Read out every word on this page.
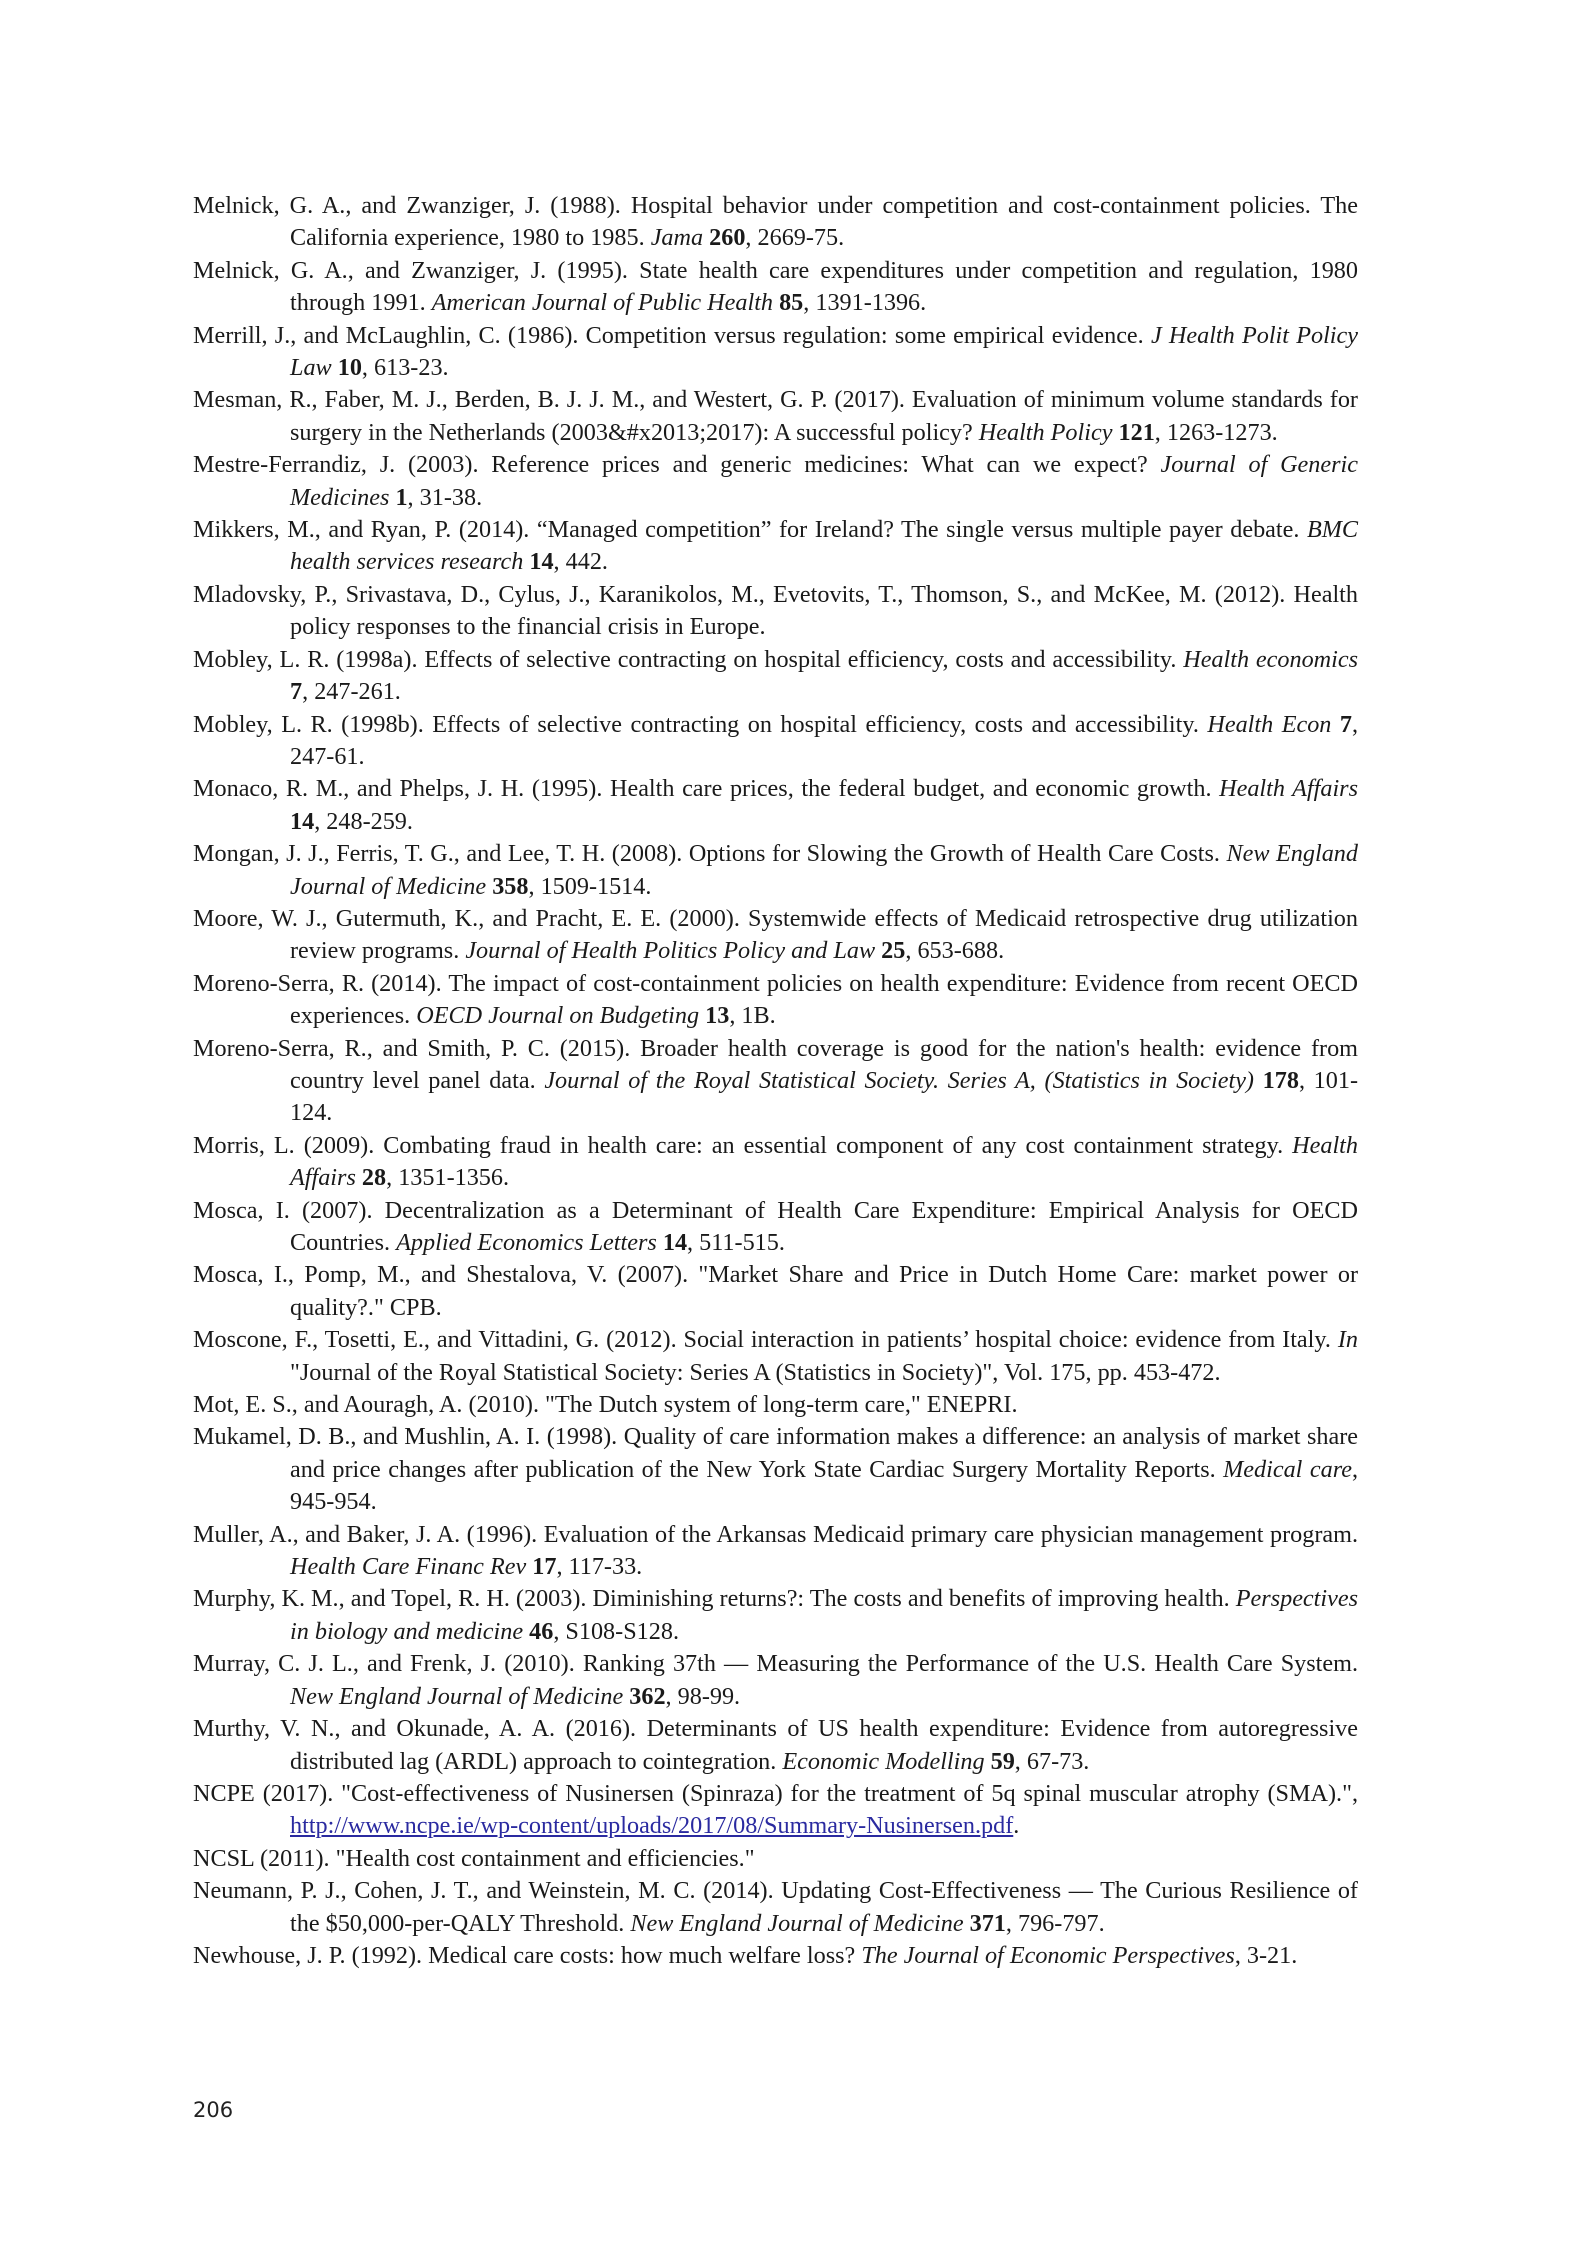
Melnick, G. A., and Zwanziger, J. (1988). Hospital behavior under competition and cost-containment policies. The California experience, 1980 to 1985. Jama 260, 2669-75.

Melnick, G. A., and Zwanziger, J. (1995). State health care expenditures under competition and regulation, 1980 through 1991. American Journal of Public Health 85, 1391-1396.

Merrill, J., and McLaughlin, C. (1986). Competition versus regulation: some empirical evidence. J Health Polit Policy Law 10, 613-23.

Mesman, R., Faber, M. J., Berden, B. J. J. M., and Westert, G. P. (2017). Evaluation of minimum volume standards for surgery in the Netherlands (2003&#x2013;2017): A successful policy? Health Policy 121, 1263-1273.

Mestre-Ferrandiz, J. (2003). Reference prices and generic medicines: What can we expect? Journal of Generic Medicines 1, 31-38.

Mikkers, M., and Ryan, P. (2014). “Managed competition” for Ireland? The single versus multiple payer debate. BMC health services research 14, 442.

Mladovsky, P., Srivastava, D., Cylus, J., Karanikolos, M., Evetovits, T., Thomson, S., and McKee, M. (2012). Health policy responses to the financial crisis in Europe.

Mobley, L. R. (1998a). Effects of selective contracting on hospital efficiency, costs and accessibility. Health economics 7, 247-261.

Mobley, L. R. (1998b). Effects of selective contracting on hospital efficiency, costs and accessibility. Health Econ 7, 247-61.

Monaco, R. M., and Phelps, J. H. (1995). Health care prices, the federal budget, and economic growth. Health Affairs 14, 248-259.

Mongan, J. J., Ferris, T. G., and Lee, T. H. (2008). Options for Slowing the Growth of Health Care Costs. New England Journal of Medicine 358, 1509-1514.

Moore, W. J., Gutermuth, K., and Pracht, E. E. (2000). Systemwide effects of Medicaid retrospective drug utilization review programs. Journal of Health Politics Policy and Law 25, 653-688.

Moreno-Serra, R. (2014). The impact of cost-containment policies on health expenditure: Evidence from recent OECD experiences. OECD Journal on Budgeting 13, 1B.

Moreno-Serra, R., and Smith, P. C. (2015). Broader health coverage is good for the nation's health: evidence from country level panel data. Journal of the Royal Statistical Society. Series A, (Statistics in Society) 178, 101-124.

Morris, L. (2009). Combating fraud in health care: an essential component of any cost containment strategy. Health Affairs 28, 1351-1356.

Mosca, I. (2007). Decentralization as a Determinant of Health Care Expenditure: Empirical Analysis for OECD Countries. Applied Economics Letters 14, 511-515.

Mosca, I., Pomp, M., and Shestalova, V. (2007). "Market Share and Price in Dutch Home Care: market power or quality?." CPB.

Moscone, F., Tosetti, E., and Vittadini, G. (2012). Social interaction in patients’ hospital choice: evidence from Italy. In "Journal of the Royal Statistical Society: Series A (Statistics in Society)", Vol. 175, pp. 453-472.

Mot, E. S., and Aouragh, A. (2010). "The Dutch system of long-term care," ENEPRI.

Mukamel, D. B., and Mushlin, A. I. (1998). Quality of care information makes a difference: an analysis of market share and price changes after publication of the New York State Cardiac Surgery Mortality Reports. Medical care, 945-954.

Muller, A., and Baker, J. A. (1996). Evaluation of the Arkansas Medicaid primary care physician management program. Health Care Financ Rev 17, 117-33.

Murphy, K. M., and Topel, R. H. (2003). Diminishing returns?: The costs and benefits of improving health. Perspectives in biology and medicine 46, S108-S128.

Murray, C. J. L., and Frenk, J. (2010). Ranking 37th — Measuring the Performance of the U.S. Health Care System. New England Journal of Medicine 362, 98-99.

Murthy, V. N., and Okunade, A. A. (2016). Determinants of US health expenditure: Evidence from autoregressive distributed lag (ARDL) approach to cointegration. Economic Modelling 59, 67-73.

NCPE (2017). "Cost-effectiveness of Nusinersen (Spinraza) for the treatment of 5q spinal muscular atrophy (SMA).", http://www.ncpe.ie/wp-content/uploads/2017/08/Summary-Nusinersen.pdf.

NCSL (2011). "Health cost containment and efficiencies."

Neumann, P. J., Cohen, J. T., and Weinstein, M. C. (2014). Updating Cost-Effectiveness — The Curious Resilience of the $50,000-per-QALY Threshold. New England Journal of Medicine 371, 796-797.

Newhouse, J. P. (1992). Medical care costs: how much welfare loss? The Journal of Economic Perspectives, 3-21.

206
